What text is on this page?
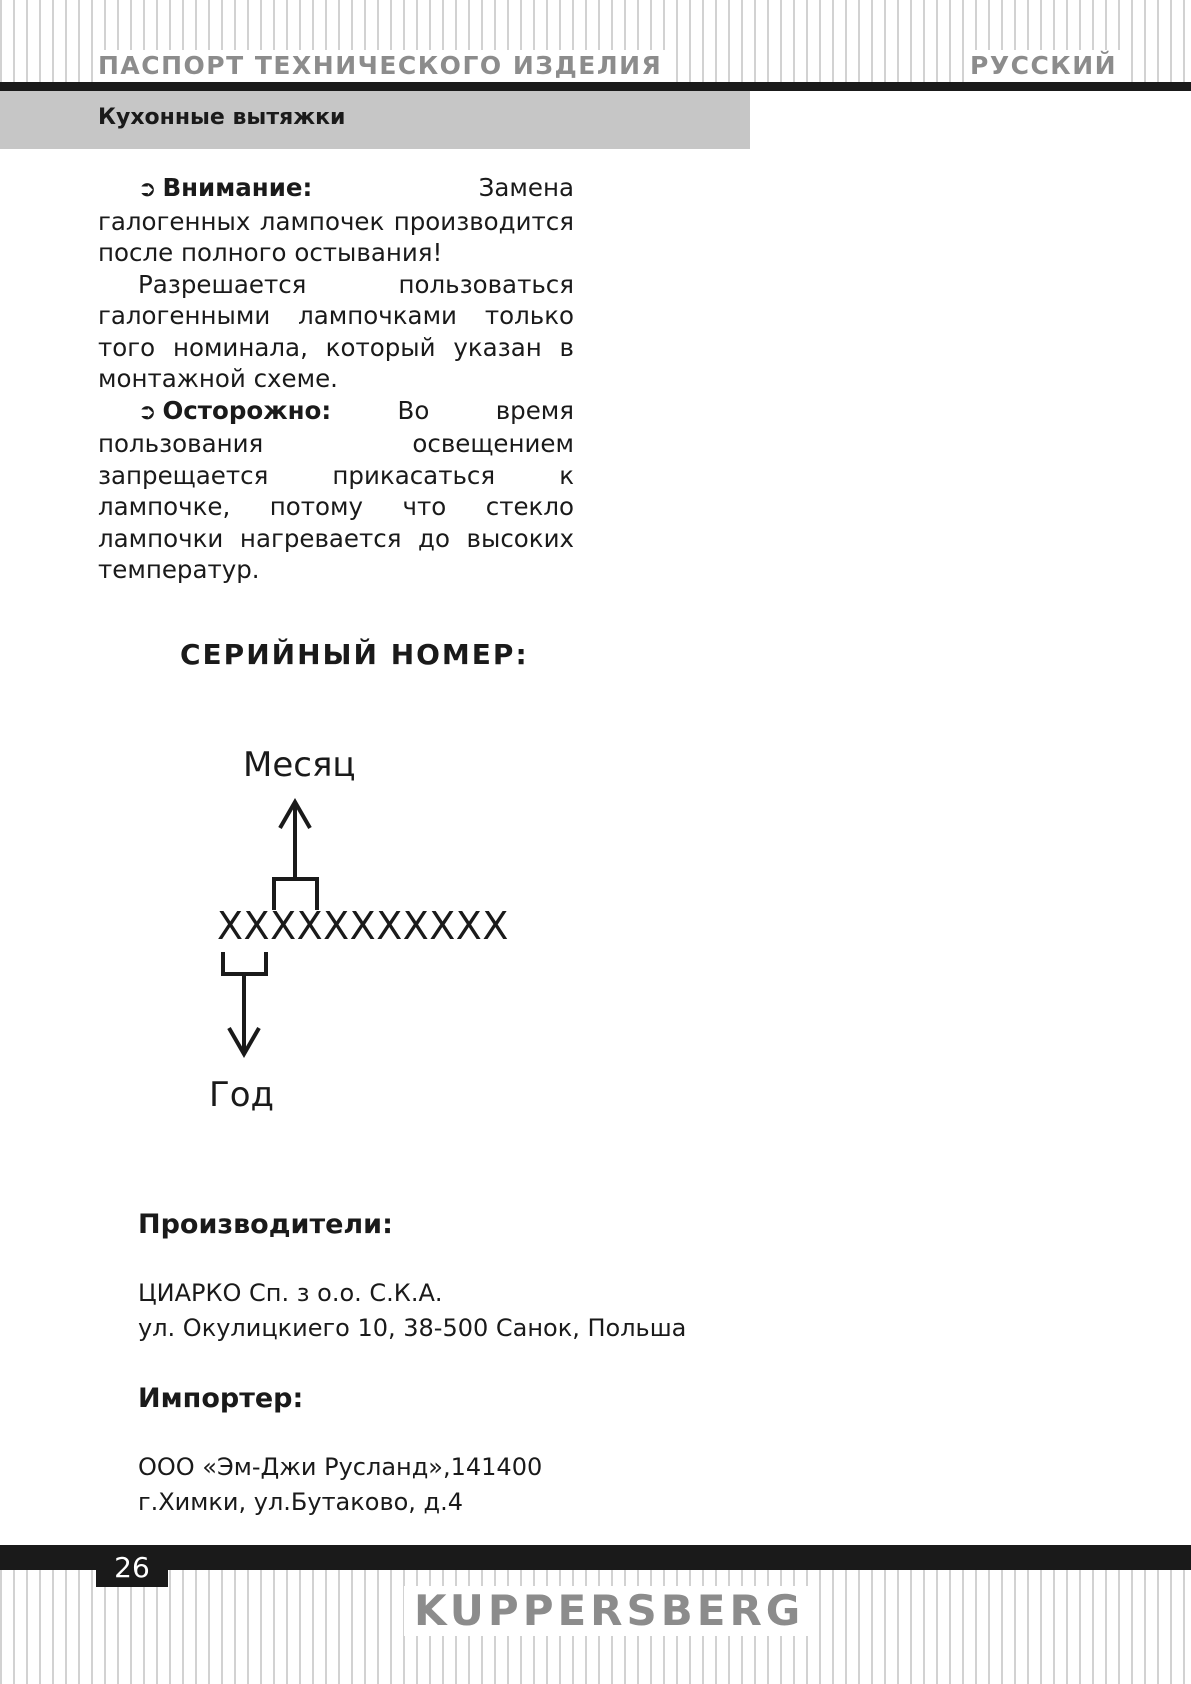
ПАСПОРТ ТЕХНИЧЕСКОГО ИЗДЕЛИЯ	РУССКИЙ
Кухонные вытяжки

➲ Внимание: Замена галогенных лампочек производится после полного остывания!

Разрешается пользоваться галогенными лампочками только того номинала, который указан в монтажной схеме.

➲ Осторожно: Во время пользования освещением запрещается прикасаться к лампочке, потому что стекло лампочки нагревается до высоких температур.

СЕРИЙНЫЙ НОМЕР:
Месяц
XXXXXXXXXXX
Год
Производители:
ЦИАРКО Сп. з о.о. С.К.А.
ул. Окулицкиего 10, 38-500 Санок, Польша
Импортер:
ООО «Эм-Джи Русланд»,141400
г.Химки, ул.Бутаково, д.4
26
KUPPERSBERG
